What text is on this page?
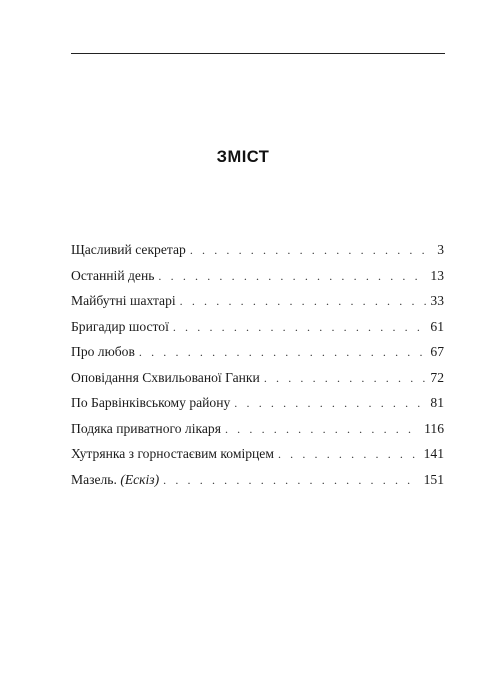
ЗМІСТ
Щасливий секретар . . .	3
Останній день . . .	13
Майбутні шахтарі . . .	33
Бригадир шостої . . .	61
Про любов . . .	67
Оповідання Схвильованої Ганки . . .	72
По Барвінківському району . . .	81
Подяка приватного лікаря . . .	116
Хутрянка з горностаєвим комірцем . . .	141
Мазель. (Ескіз) . . .	151
